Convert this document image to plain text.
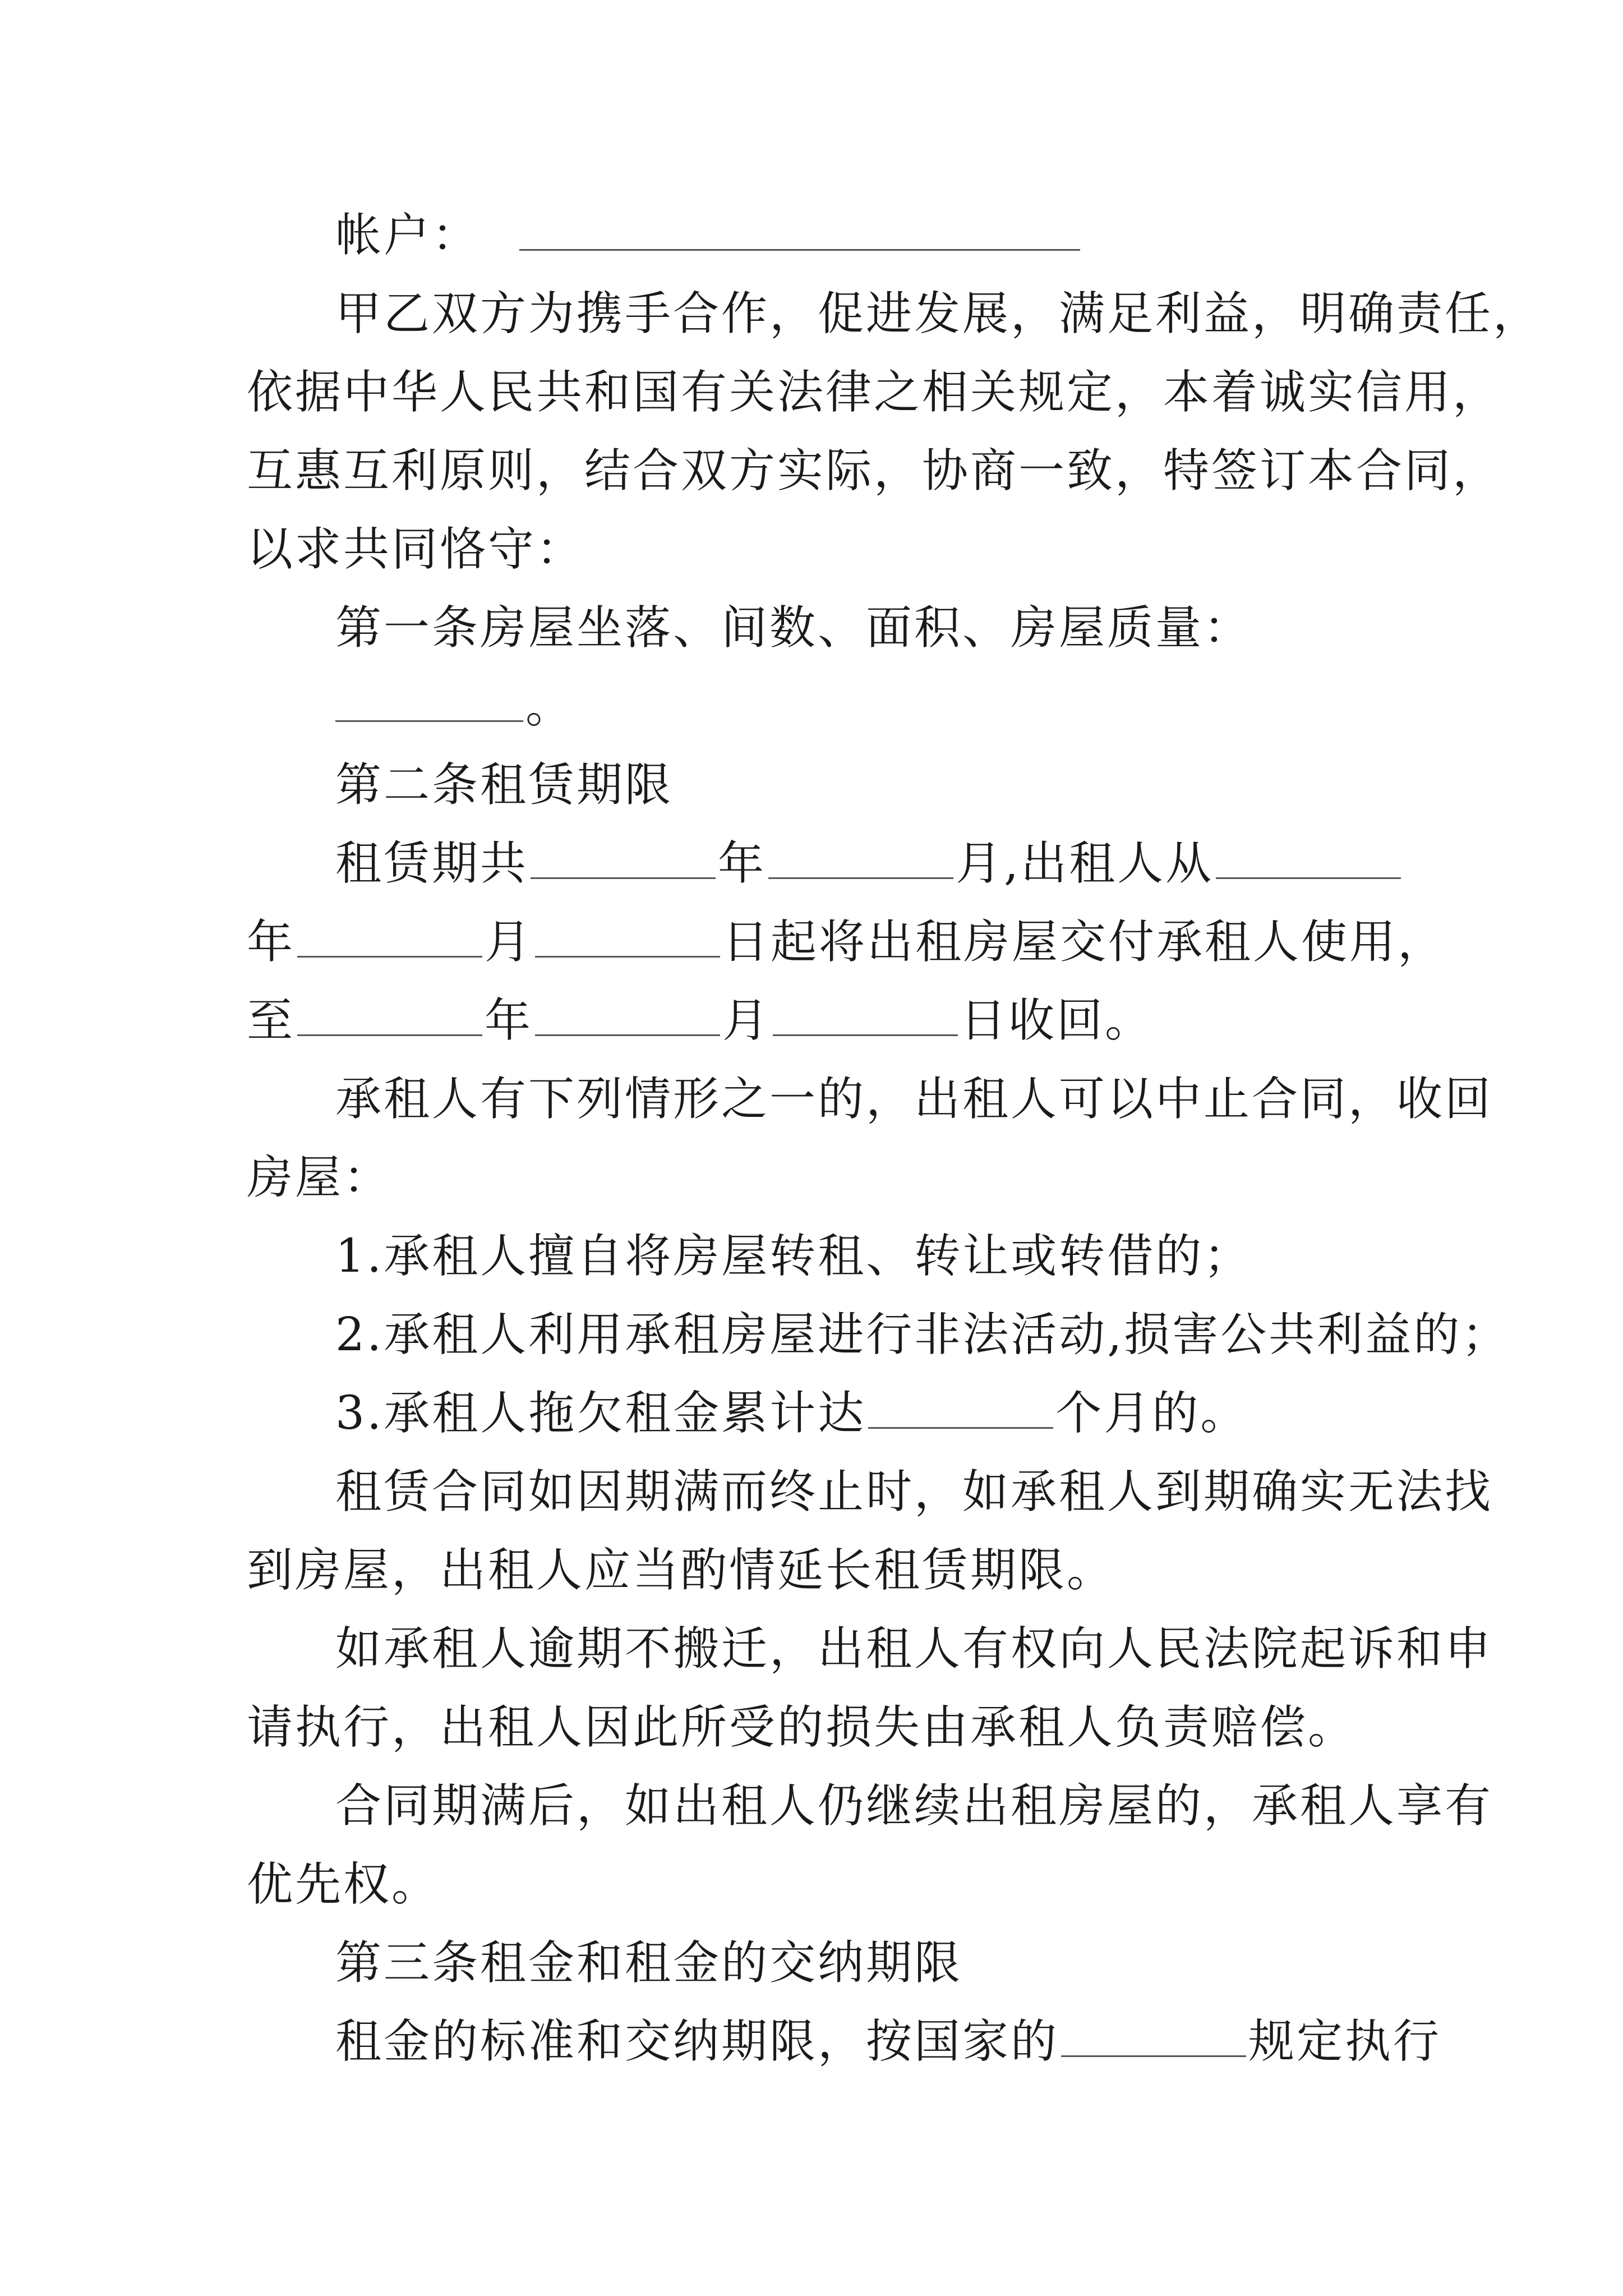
帐户：
甲乙双方为携手合作，促进发展，满足利益，明确责任，
依据中华人民共和国有关法律之相关规定，本着诚实信用，
互惠互利原则，结合双方实际，协商一致，特签订本合同，
以求共同恪守：
第一条房屋坐落、间数、面积、房屋质量：
。
第二条租赁期限
租赁期共	年	月,出租人从
年	月	日起将出租房屋交付承租人使用，
至	年	月	日收回。
承租人有下列情形之一的，出租人可以中止合同，收回
房屋：
1.承租人擅自将房屋转租、转让或转借的；
2.承租人利用承租房屋进行非法活动,损害公共利益的；
3.承租人拖欠租金累计达	个月的。
租赁合同如因期满而终止时，如承租人到期确实无法找
到房屋，出租人应当酌情延长租赁期限。
如承租人逾期不搬迁，出租人有权向人民法院起诉和申
请执行，出租人因此所受的损失由承租人负责赔偿。
合同期满后，如出租人仍继续出租房屋的，承租人享有
优先权。
第三条租金和租金的交纳期限
租金的标准和交纳期限，按国家的	规定执行
